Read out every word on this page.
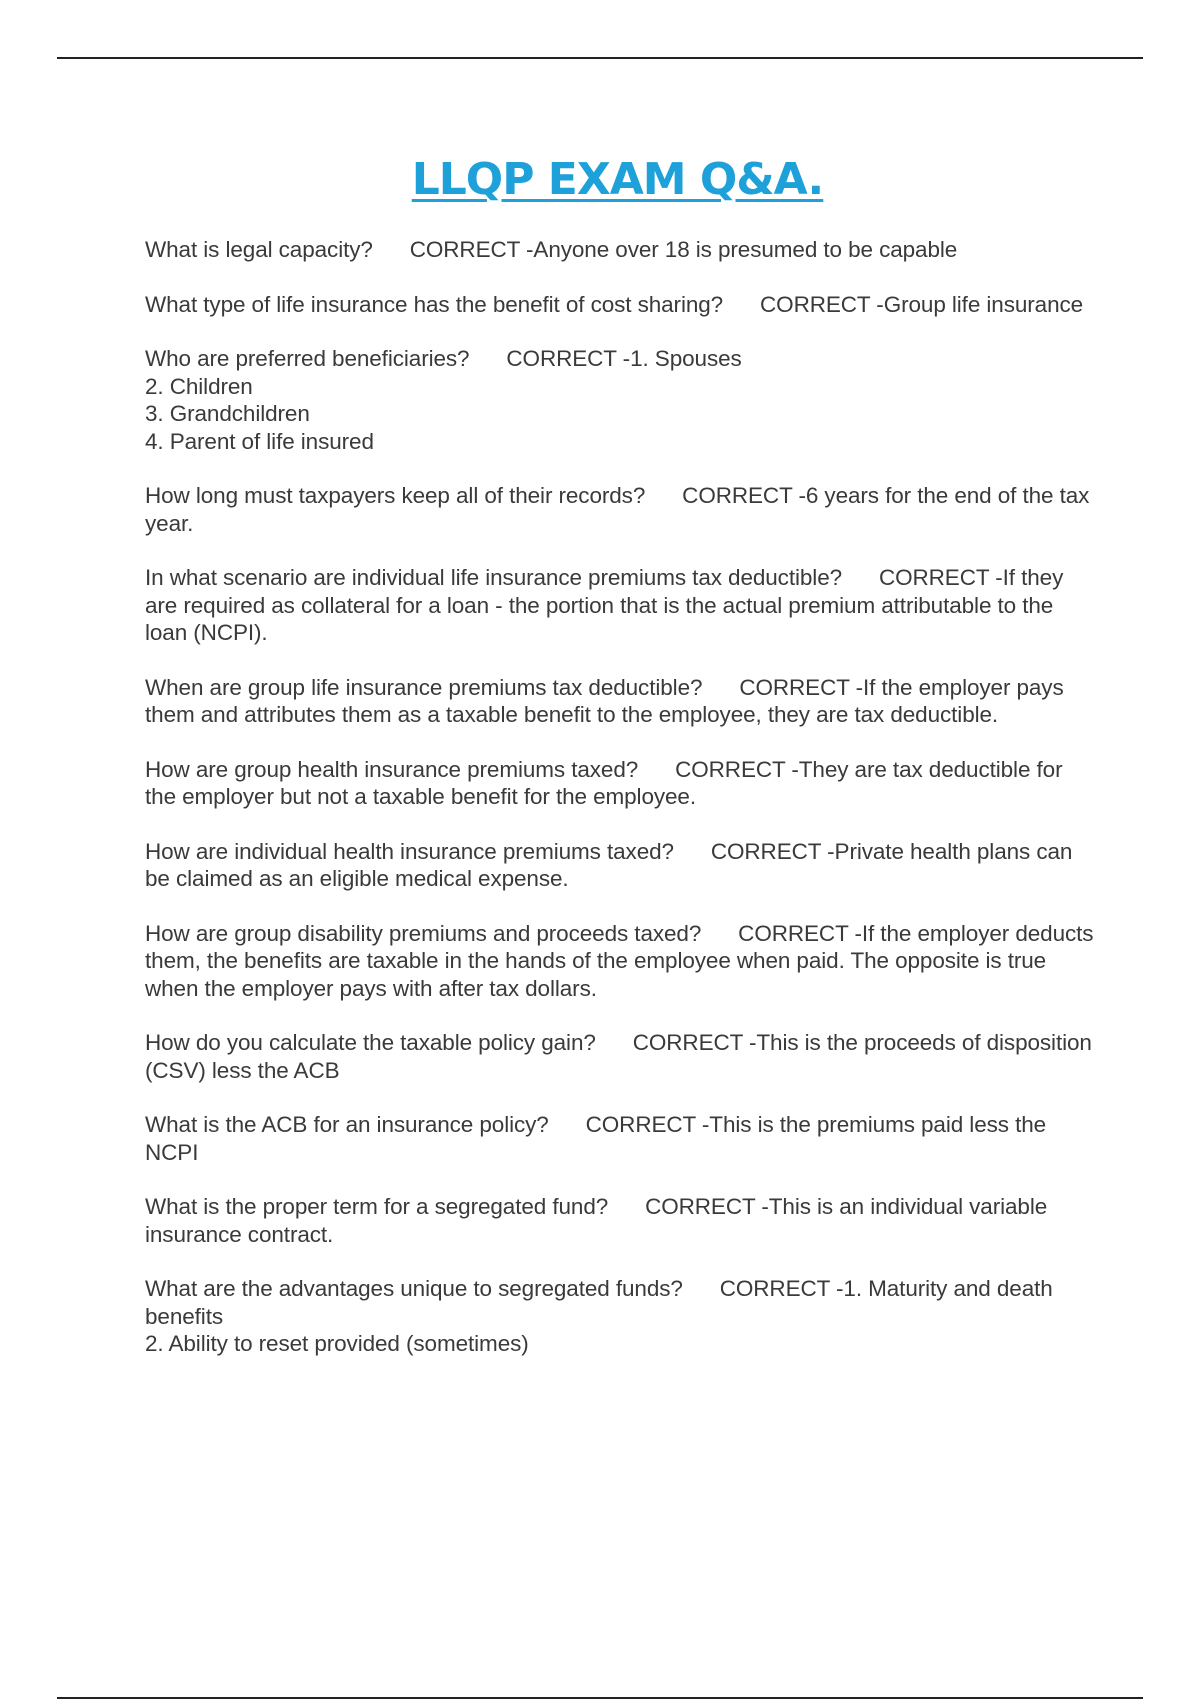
LLQP EXAM Q&A.

What is legal capacity? CORRECT -Anyone over 18 is presumed to be capable

What type of life insurance has the benefit of cost sharing? CORRECT -Group life insurance

Who are preferred beneficiaries? CORRECT -1. Spouses
2. Children
3. Grandchildren
4. Parent of life insured

How long must taxpayers keep all of their records? CORRECT -6 years for the end of the tax year.

In what scenario are individual life insurance premiums tax deductible? CORRECT -If they are required as collateral for a loan - the portion that is the actual premium attributable to the loan (NCPI).

When are group life insurance premiums tax deductible? CORRECT -If the employer pays them and attributes them as a taxable benefit to the employee, they are tax deductible.

How are group health insurance premiums taxed? CORRECT -They are tax deductible for the employer but not a taxable benefit for the employee.

How are individual health insurance premiums taxed? CORRECT -Private health plans can be claimed as an eligible medical expense.

How are group disability premiums and proceeds taxed? CORRECT -If the employer deducts them, the benefits are taxable in the hands of the employee when paid. The opposite is true when the employer pays with after tax dollars.

How do you calculate the taxable policy gain? CORRECT -This is the proceeds of disposition (CSV) less the ACB

What is the ACB for an insurance policy? CORRECT -This is the premiums paid less the NCPI

What is the proper term for a segregated fund? CORRECT -This is an individual variable insurance contract.

What are the advantages unique to segregated funds? CORRECT -1. Maturity and death benefits
2. Ability to reset provided (sometimes)
